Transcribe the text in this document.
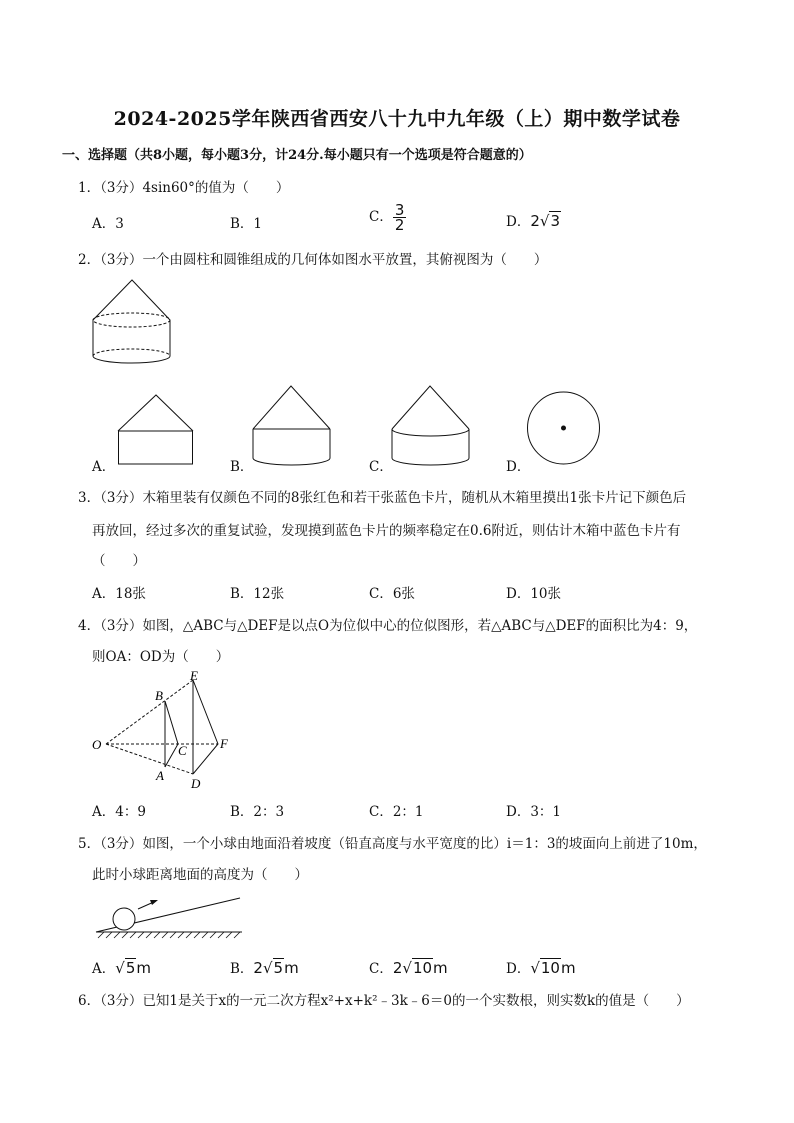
2024-2025学年陕西省西安八十九中九年级（上）期中数学试卷
一、选择题（共8小题，每小题3分，计24分.每小题只有一个选项是符合题意的）
1．（3分）4sin60°的值为（　　）
A．3	B．1	C． $\frac{3}{2}$	D．2√3
2．（3分）一个由圆柱和圆锥组成的几何体如图水平放置，其俯视图为（　　）
A．	B．	C．	D．
3．（3分）木箱里装有仅颜色不同的8张红色和若干张蓝色卡片，随机从木箱里摸出1张卡片记下颜色后
再放回，经过多次的重复试验，发现摸到蓝色卡片的频率稳定在0.6附近，则估计木箱中蓝色卡片有
（　　）
A．18张	B．12张	C．6张	D．10张
4．（3分）如图，△ABC与△DEF是以点O为位似中心的位似图形，若△ABC与△DEF的面积比为4：9，
则OA：OD为（　　）
O
B
E
C	F
A
D
A．4：9	B．2：3	C．2：1	D．3：1
5．（3分）如图，一个小球由地面沿着坡度（铅直高度与水平宽度的比）i＝1：3的坡面向上前进了10m，
此时小球距离地面的高度为（　　）
A．√5m	B．2√5m	C．2√10m	D．√10m
6．（3分）已知1是关于x的一元二次方程x²+x+k²﹣3k﹣6＝0的一个实数根，则实数k的值是（　　）
